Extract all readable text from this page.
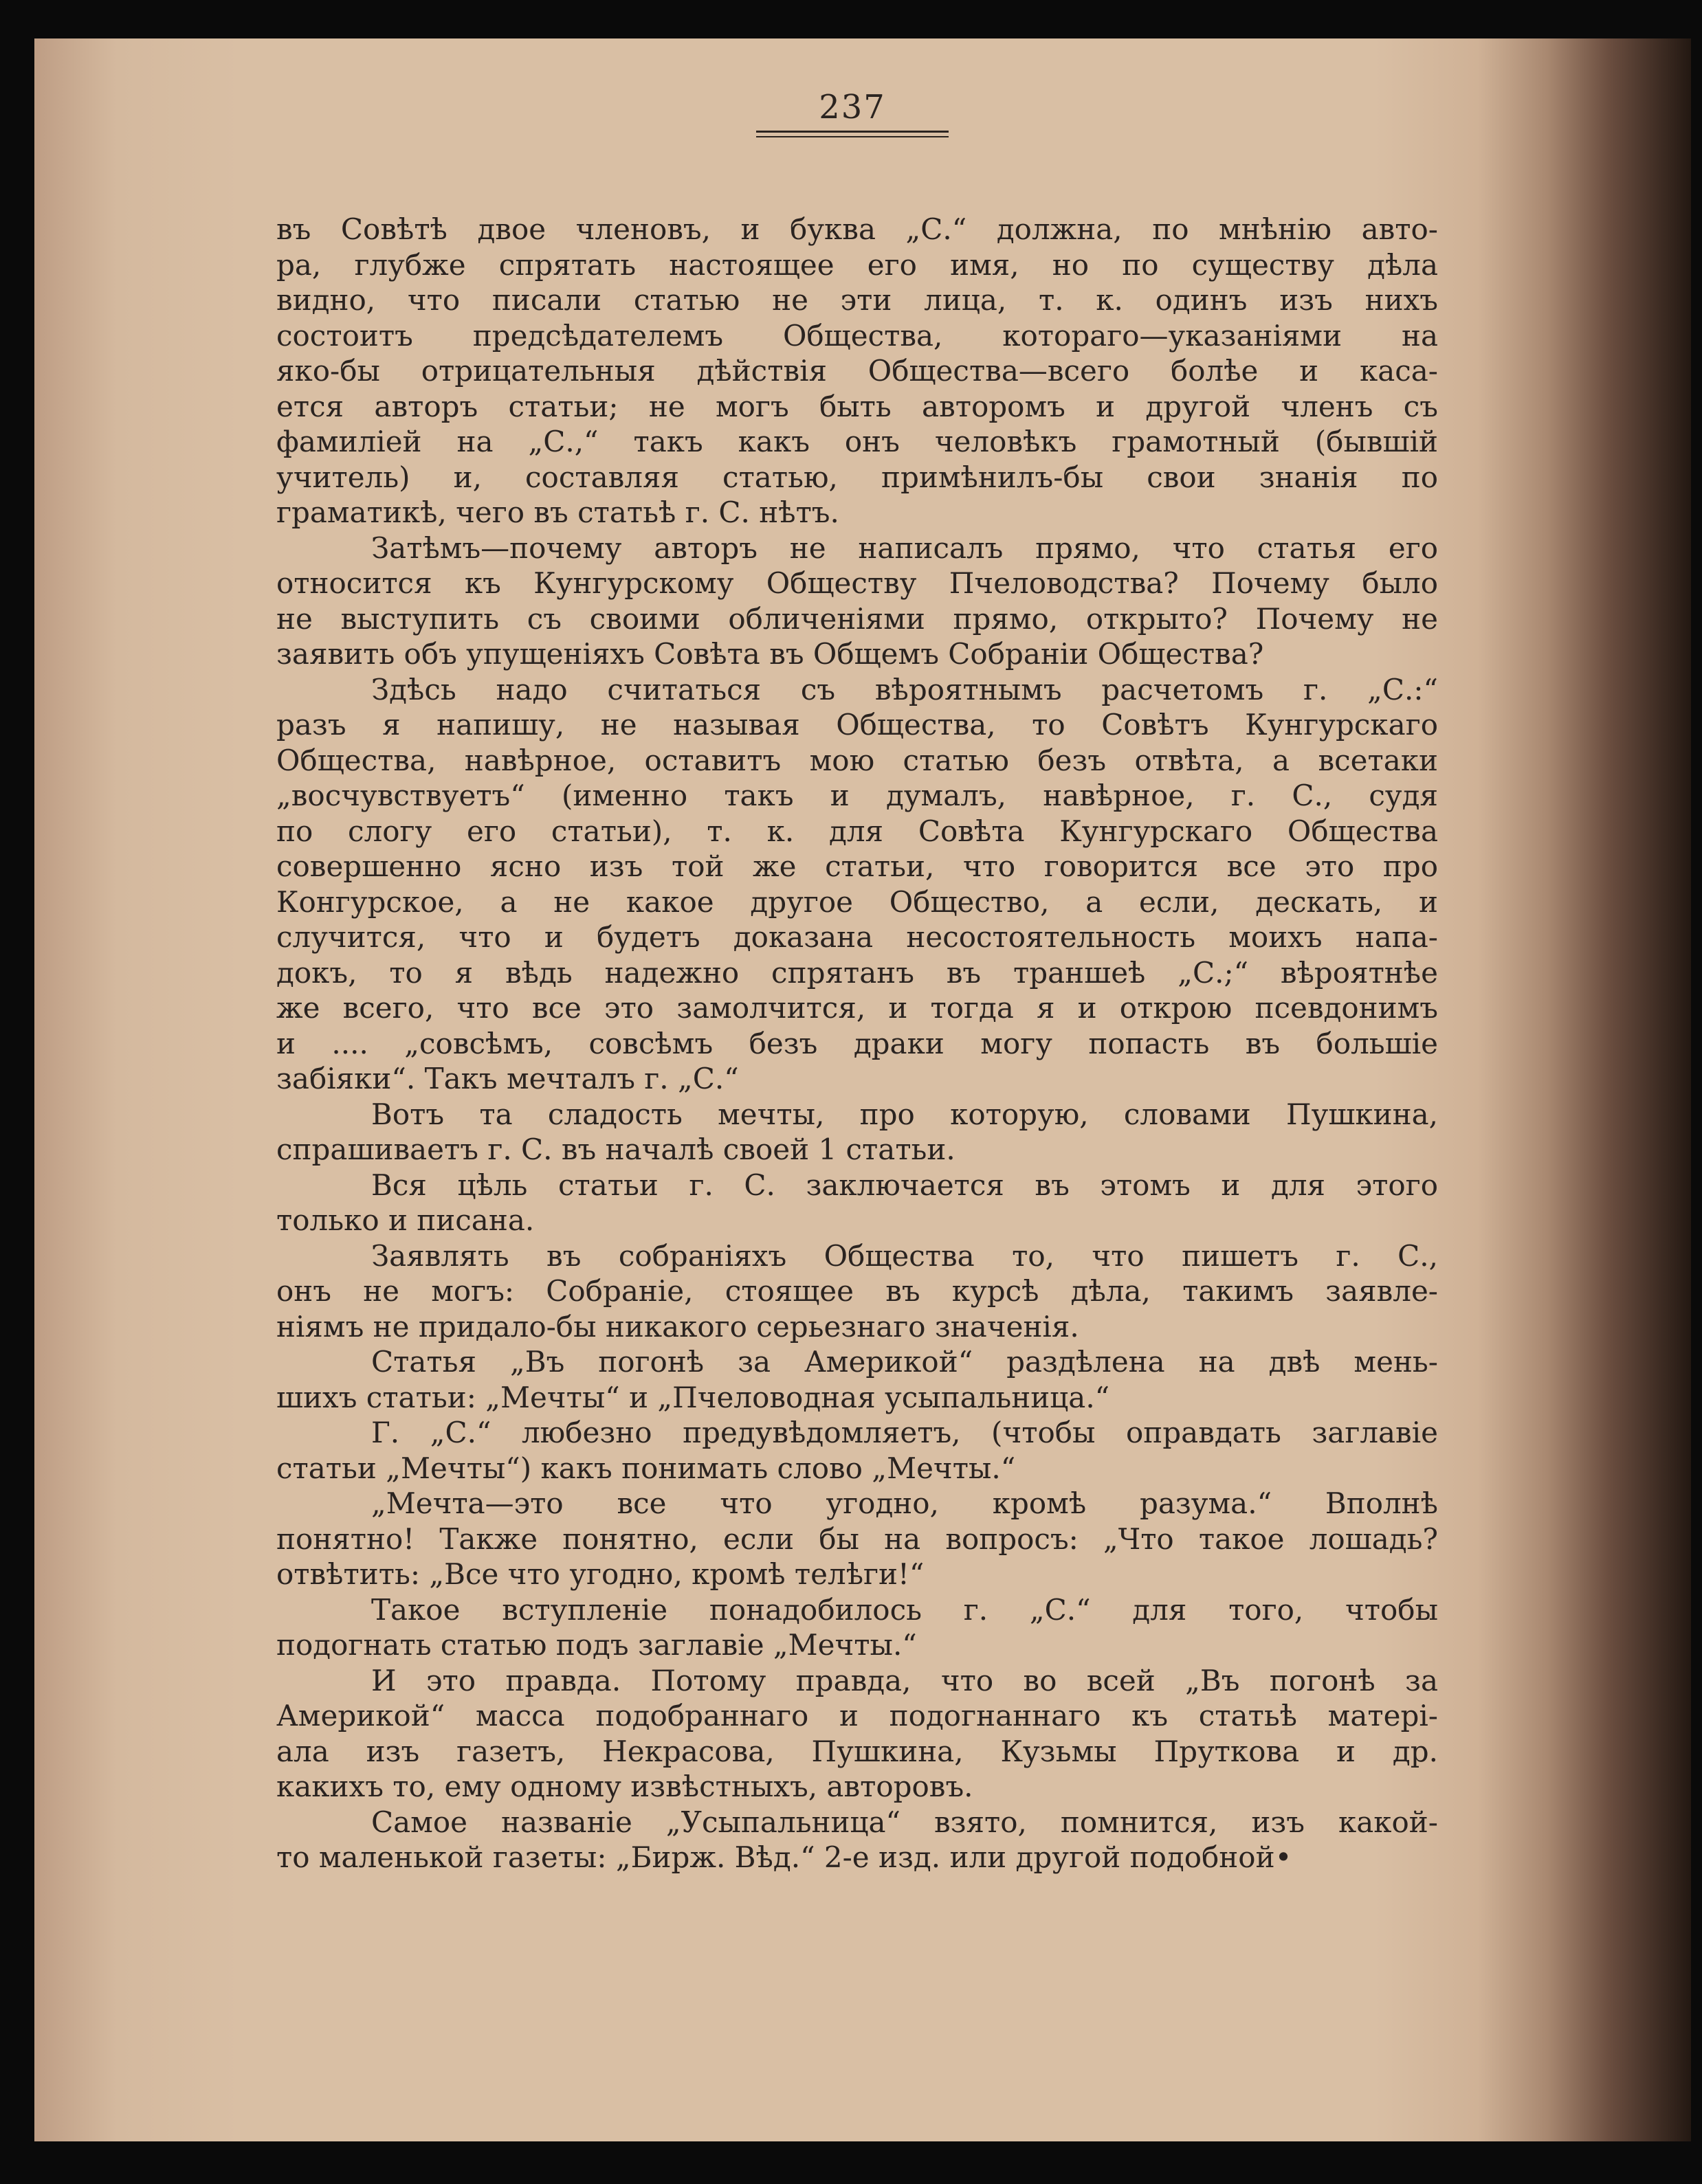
237

въ Совѣтѣ двое членовъ, и буква „С.“ должна, по мнѣнію авто-

ра, глубже спрятать настоящее его имя, но по существу дѣла

видно, что писали статью не эти лица, т. к. одинъ изъ нихъ

состоитъ предсѣдателемъ Общества, котораго—указаніями на

яко-бы отрицательныя дѣйствія Общества—всего болѣе и каса-

ется авторъ статьи; не могъ быть авторомъ и другой членъ съ

фамиліей на „С.,“ такъ какъ онъ человѣкъ грамотный (бывшій

учитель) и, составляя статью, примѣнилъ-бы свои знанія по

граматикѣ, чего въ статьѣ г. С. нѣтъ.

Затѣмъ—почему авторъ не написалъ прямо, что статья его

относится къ Кунгурскому Обществу Пчеловодства? Почему было

не выступить съ своими обличеніями прямо, открыто? Почему не

заявить объ упущеніяхъ Совѣта въ Общемъ Собраніи Общества?

Здѣсь надо считаться съ вѣроятнымъ расчетомъ г. „С.:“

разъ я напишу, не называя Общества, то Совѣтъ Кунгурскаго

Общества, навѣрное, оставитъ мою статью безъ отвѣта, а всетаки

„восчувствуетъ“ (именно такъ и думалъ, навѣрное, г. С., судя

по слогу его статьи), т. к. для Совѣта Кунгурскаго Общества

совершенно ясно изъ той же статьи, что говорится все это про

Конгурское, а не какое другое Общество, а если, дескать, и

случится, что и будетъ доказана несостоятельность моихъ напа-

докъ, то я вѣдь надежно спрятанъ въ траншеѣ „С.;“ вѣроятнѣе

же всего, что все это замолчится, и тогда я и открою псевдонимъ

и .... „совсѣмъ, совсѣмъ безъ драки могу попасть въ большіе

забіяки“. Такъ мечталъ г. „С.“

Вотъ та сладость мечты, про которую, словами Пушкина,

спрашиваетъ г. С. въ началѣ своей 1 статьи.

Вся цѣль статьи г. С. заключается въ этомъ и для этого

только и писана.

Заявлять въ собраніяхъ Общества то, что пишетъ г. С.,

онъ не могъ: Собраніе, стоящее въ курсѣ дѣла, такимъ заявле-

ніямъ не придало-бы никакого серьезнаго значенія.

Статья „Въ погонѣ за Америкой“ раздѣлена на двѣ мень-

шихъ статьи: „Мечты“ и „Пчеловодная усыпальница.“

Г. „С.“ любезно предувѣдомляетъ, (чтобы оправдать заглавіе

статьи „Мечты“) какъ понимать слово „Мечты.“

„Мечта—это все что угодно, кромѣ разума.“ Вполнѣ

понятно! Также понятно, если бы на вопросъ: „Что такое лошадь?

отвѣтить: „Все что угодно, кромѣ телѣги!“

Такое вступленіе понадобилось г. „С.“ для того, чтобы

подогнать статью подъ заглавіе „Мечты.“

И это правда. Потому правда, что во всей „Въ погонѣ за

Америкой“ масса подобраннаго и подогнаннаго къ статьѣ матері-

ала изъ газетъ, Некрасова, Пушкина, Кузьмы Пруткова и др.

какихъ то, ему одному извѣстныхъ, авторовъ.

Самое названіе „Усыпальница“ взято, помнится, изъ какой-

то маленькой газеты: „Бирж. Вѣд.“ 2-е изд. или другой подобной•
